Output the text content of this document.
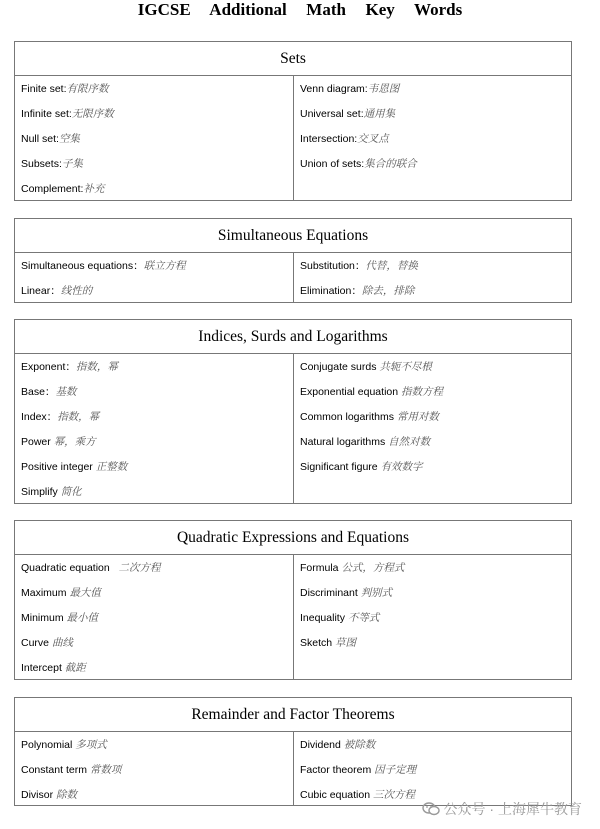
IGCSE Additional Math Key Words
Sets
Finite set:有限序数
Infinite set:无限序数
Null set:空集
Subsets:子集
Complement:补充
Venn diagram:韦恩图
Universal set:通用集
Intersection:交叉点
Union of sets:集合的联合
Simultaneous Equations
Simultaneous equations：联立方程
Linear：线性的
Substitution：代替，替换
Elimination：除去，排除
Indices, Surds and Logarithms
Exponent：指数，幂
Base：基数
Index：指数，幂
Power 幂，乘方
Positive integer 正整数
Simplify 简化
Conjugate surds 共轭不尽根
Exponential equation 指数方程
Common logarithms 常用对数
Natural logarithms 自然对数
Significant figure 有效数字
Quadratic Expressions and Equations
Quadratic equation 二次方程
Maximum 最大值
Minimum 最小值
Curve 曲线
Intercept 截距
Formula 公式，方程式
Discriminant 判别式
Inequality 不等式
Sketch 草图
Remainder and Factor Theorems
Polynomial 多项式
Constant term 常数项
Divisor 除数
Dividend 被除数
Factor theorem 因子定理
Cubic equation 三次方程
公众号 · 上海犀牛教育
